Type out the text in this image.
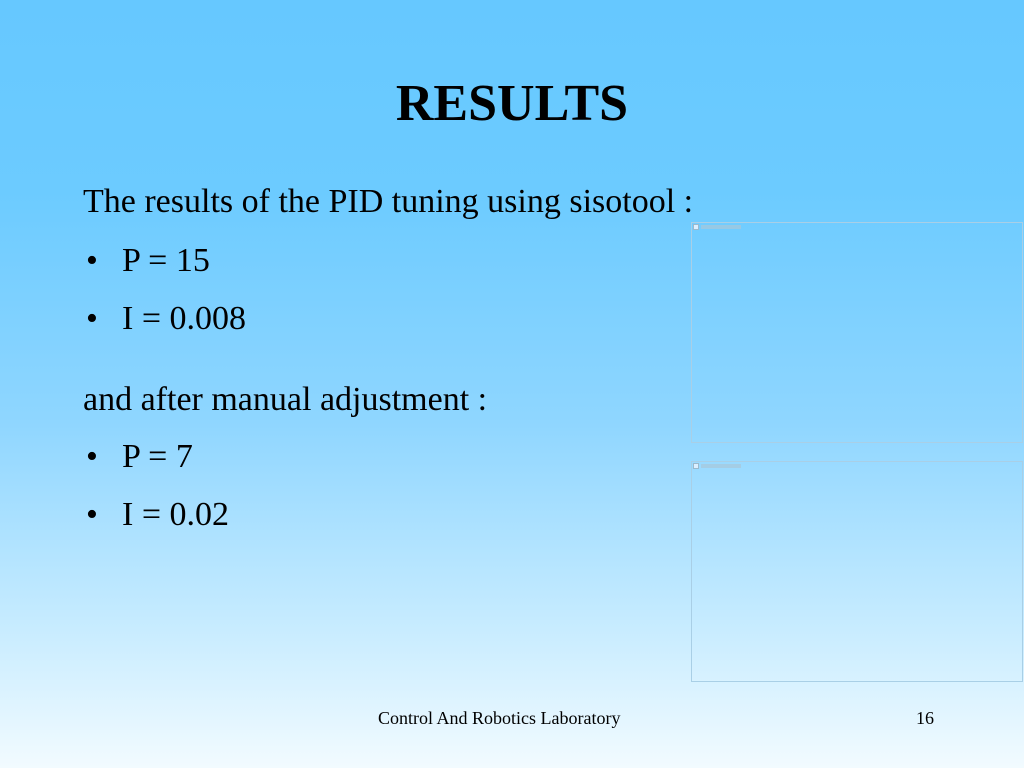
RESULTS
The results of the PID tuning using sisotool :
• P = 15
• I = 0.008
and after manual adjustment :
• P = 7
• I = 0.02
Control And Robotics Laboratory	16
